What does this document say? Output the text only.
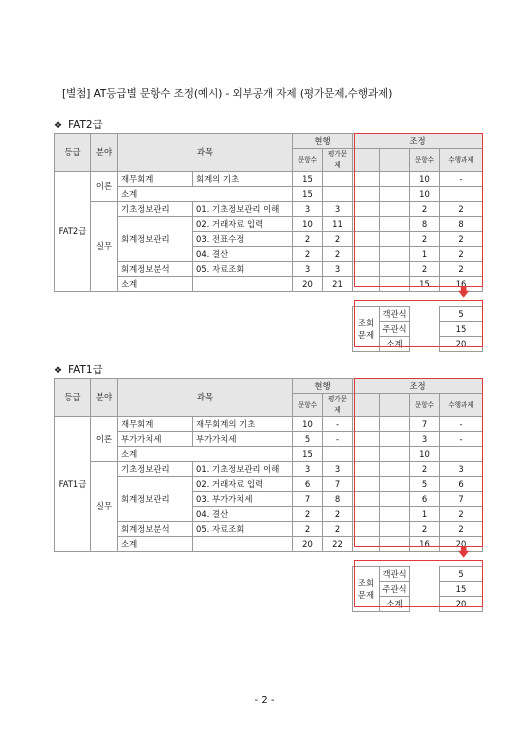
[별첨] AT등급별 문항수 조정(예시) - 외부공개 자제 (평가문제,수행과제)
❖ FAT2급
등급	분야	과목		현행		조정			
				문항수	평가문제			문항수	수행과제
FAT2급	이론	재무회계	회계의 기초	15				10	-
		소계		15				10	
	실무	기초정보관리	01. 기초정보관리 이해	3	3			2	2
		회계정보관리	02. 거래자료 입력	10	11			8	8
			03. 전표수정	2	2			2	2
			04. 결산	2	2			1	2
		회계정보분석	05. 자료조회	3	3			2	2
		소계		20	21			15	16

						조회문제	객관식		5
							주관식		15
							소계		20
🡇
❖ FAT1급
등급	분야	과목		현행		조정			
				문항수	평가문제			문항수	수행과제
FAT1급	이론	재무회계	재무회계의 기초	10	-			7	-
		부가가치세	부가가치세	5	-			3	-
		소계		15				10	
	실무	기초정보관리	01. 기초정보관리 이해	3	3			2	3
		회계정보관리	02. 거래자료 입력	6	7			5	6
			03. 부가가치세	7	8			6	7
			04. 결산	2	2			1	2
		회계정보분석	05. 자료조회	2	2			2	2
		소계		20	22			16	20

						조회문제	객관식		5
							주관식		15
							소계		20
🡇
- 2 -
